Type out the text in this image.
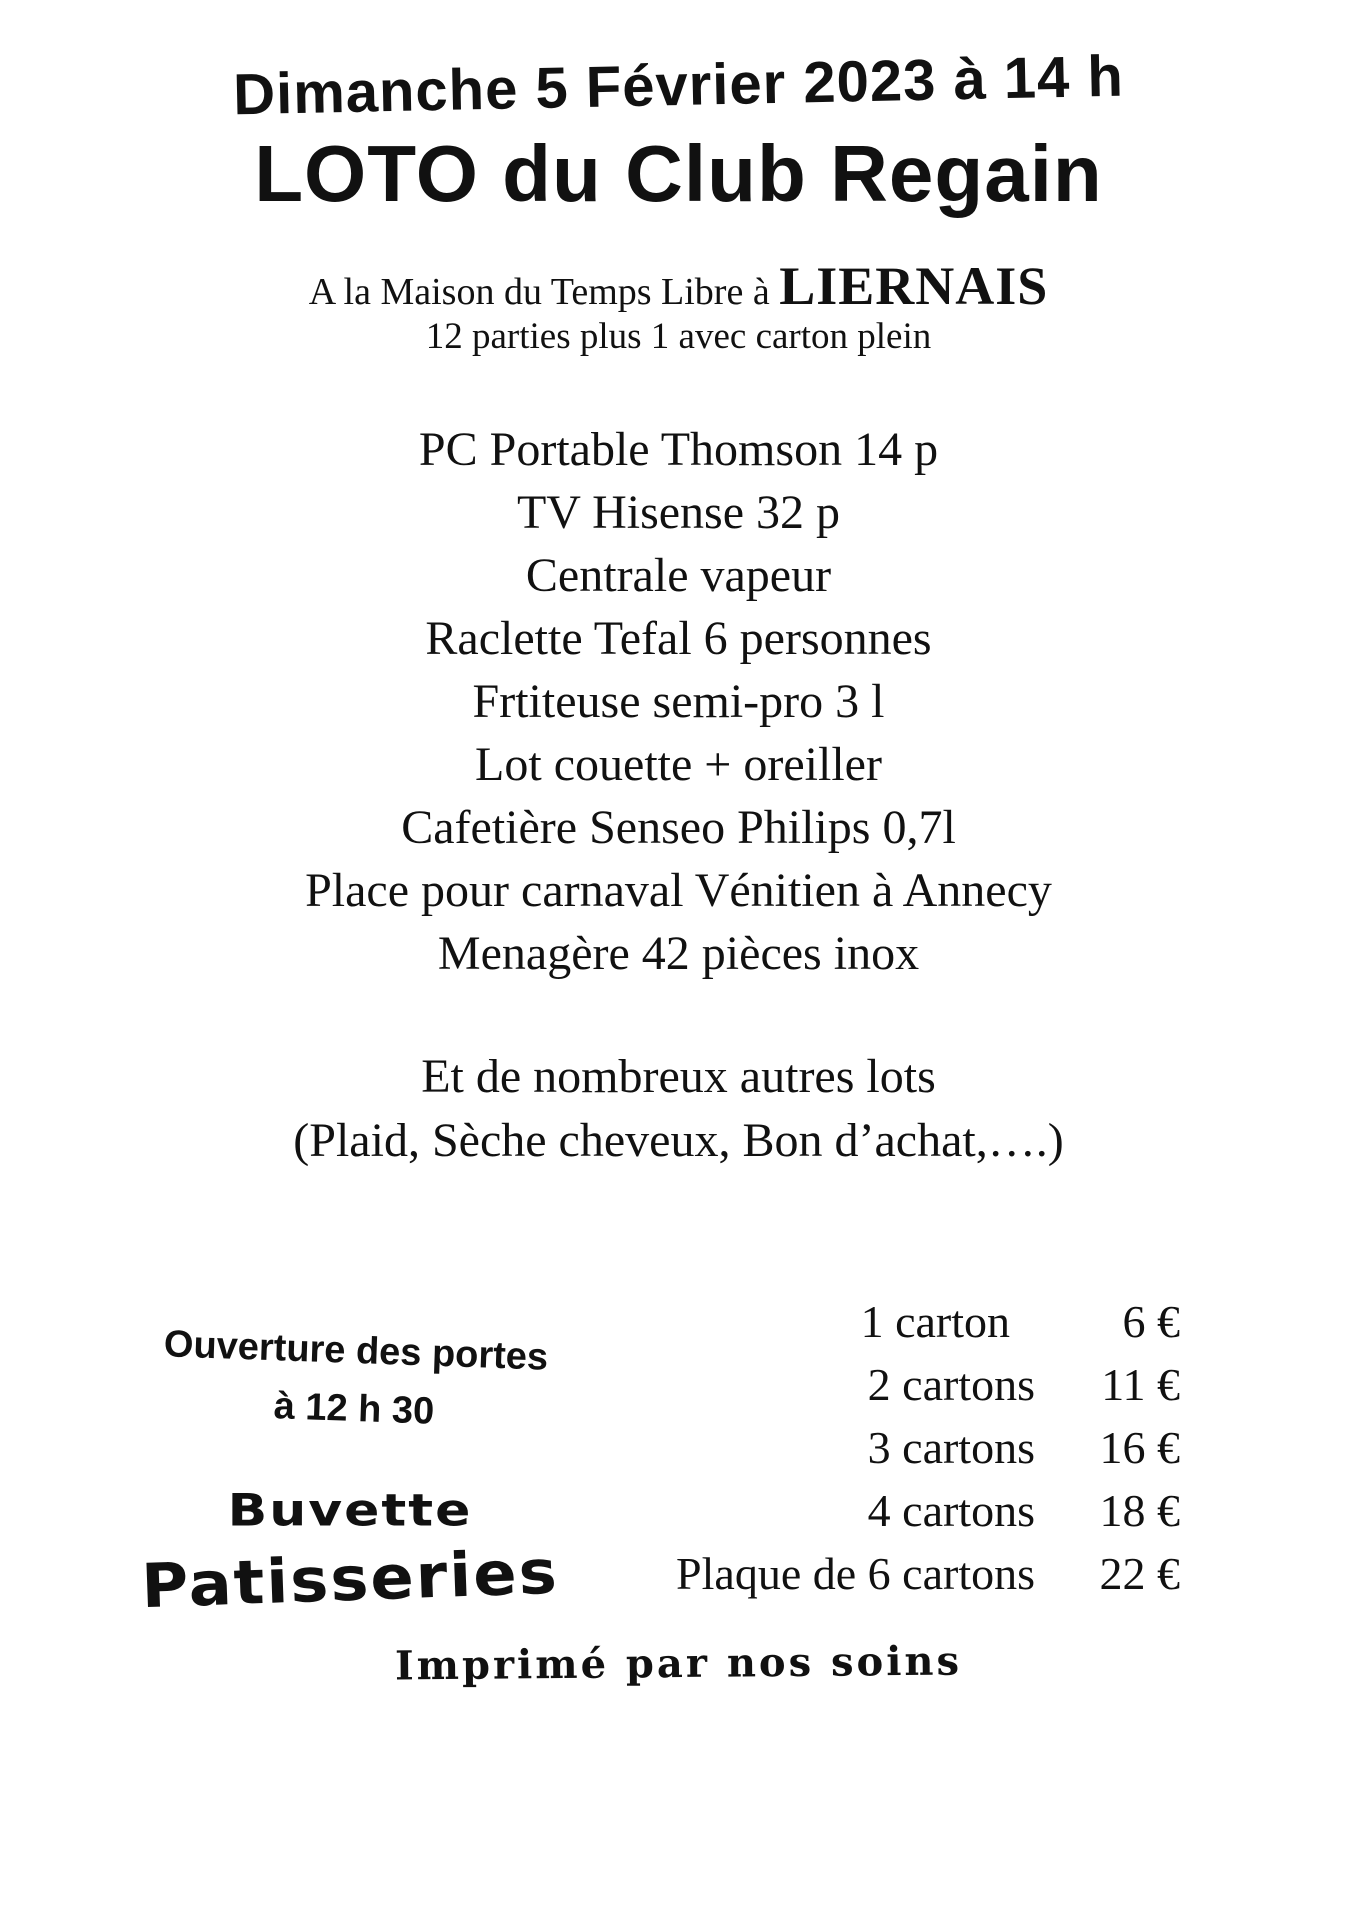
Dimanche 5 Février 2023 à 14 h
LOTO du Club Regain
A la Maison du Temps Libre à LIERNAIS
12 parties plus 1 avec carton plein
PC Portable Thomson 14 p
TV Hisense 32 p
Centrale vapeur
Raclette Tefal 6 personnes
Frtiteuse semi-pro 3 l
Lot couette + oreiller
Cafetière Senseo Philips 0,7l
Place pour carnaval Vénitien à Annecy
Menagère 42 pièces inox
Et de nombreux autres lots
(Plaid, Sèche cheveux, Bon d’achat,….)
Ouverture des portes
à 12 h 30
Buvette
Patisseries
1 carton 6 €
2 cartons 11 €
3 cartons 16 €
4 cartons 18 €
Plaque de 6 cartons 22 €
Imprimé par nos soins
